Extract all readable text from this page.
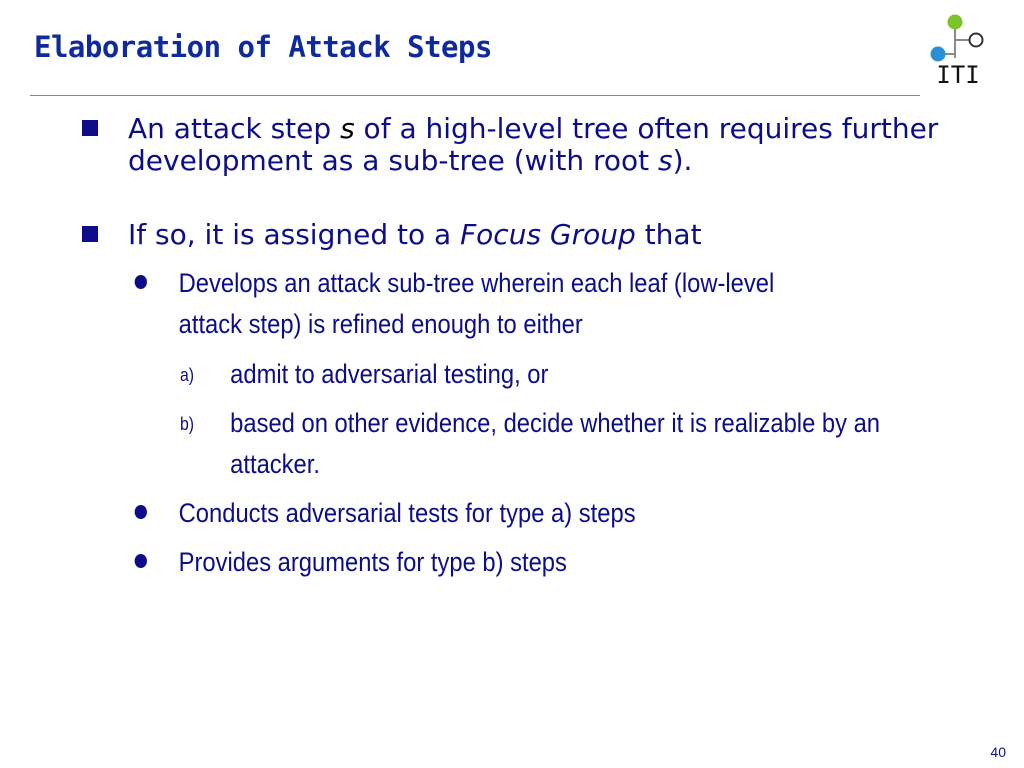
Elaboration of Attack Steps
ITI
An attack step s of a high-level tree often requires further development as a sub-tree (with root s).
If so, it is assigned to a Focus Group that
Develops an attack sub-tree wherein each leaf (low-level attack step) is refined enough to either
a)	admit to adversarial testing, or
b)	based on other evidence, decide whether it is realizable by an attacker.
Conducts adversarial tests for type a) steps
Provides arguments for type b) steps
40
